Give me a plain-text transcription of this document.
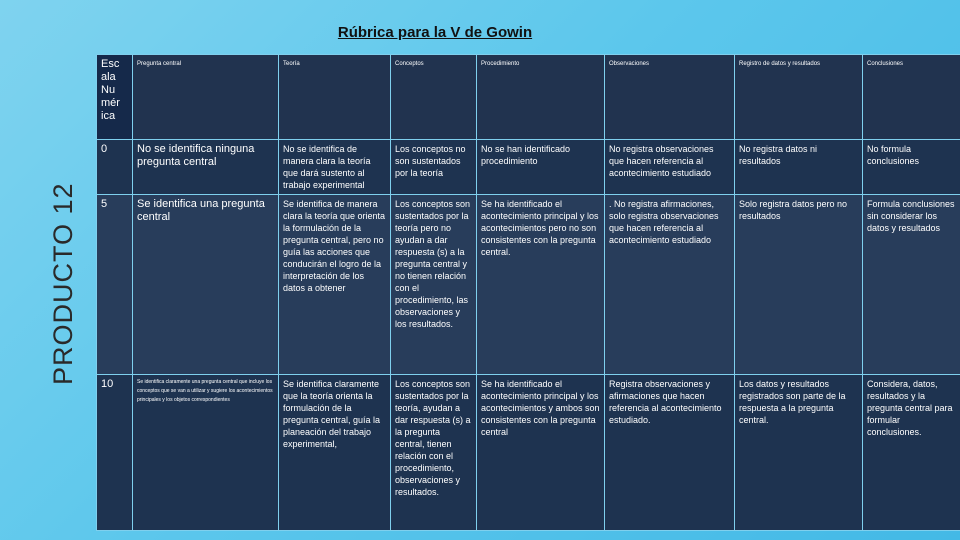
Rúbrica para la V de Gowin
PRODUCTO 12
Esc ala Nu mér ica	Pregunta central	Teoría	Conceptos	Procedimiento	Observaciones	Registro de datos y resultados	Conclusiones
0	No se identifica ninguna pregunta central	No se identifica de manera clara la teoría que dará sustento al trabajo experimental	Los conceptos no son sustentados por la teoría	No se han identificado procedimiento	No registra observaciones que hacen referencia al acontecimiento estudiado	No registra datos ni resultados	No formula conclusiones
5	Se identifica una pregunta central	Se identifica de manera clara la teoría que orienta la formulación de la pregunta central, pero no guía las acciones que conducirán el logro de la interpretación de los datos a obtener	Los conceptos son sustentados por la teoría pero no ayudan a dar respuesta (s) a la pregunta central y no tienen relación con el procedimiento, las observaciones y los resultados.	Se ha identificado el acontecimiento principal y los acontecimientos pero no son consistentes con la pregunta central.	. No registra afirmaciones, solo registra observaciones que hacen referencia al acontecimiento estudiado	Solo registra datos pero no resultados	Formula conclusiones sin considerar los datos y resultados
10	Se identifica claramente una pregunta central que incluye los conceptos que se van a utilizar y sugiere los acontecimientos principales y los objetos correspondientes	Se identifica claramente que la teoría orienta la formulación de la pregunta central, guía la planeación del trabajo experimental,	Los conceptos son sustentados por la teoría, ayudan a dar respuesta (s) a la pregunta central, tienen relación con el procedimiento, observaciones y resultados.	Se ha identificado el acontecimiento principal y los acontecimientos y ambos son consistentes con la pregunta central	Registra observaciones y afirmaciones que hacen referencia al acontecimiento estudiado.	Los datos y resultados registrados son parte de la respuesta a la pregunta central.	Considera, datos, resultados y la pregunta central para formular conclusiones.
